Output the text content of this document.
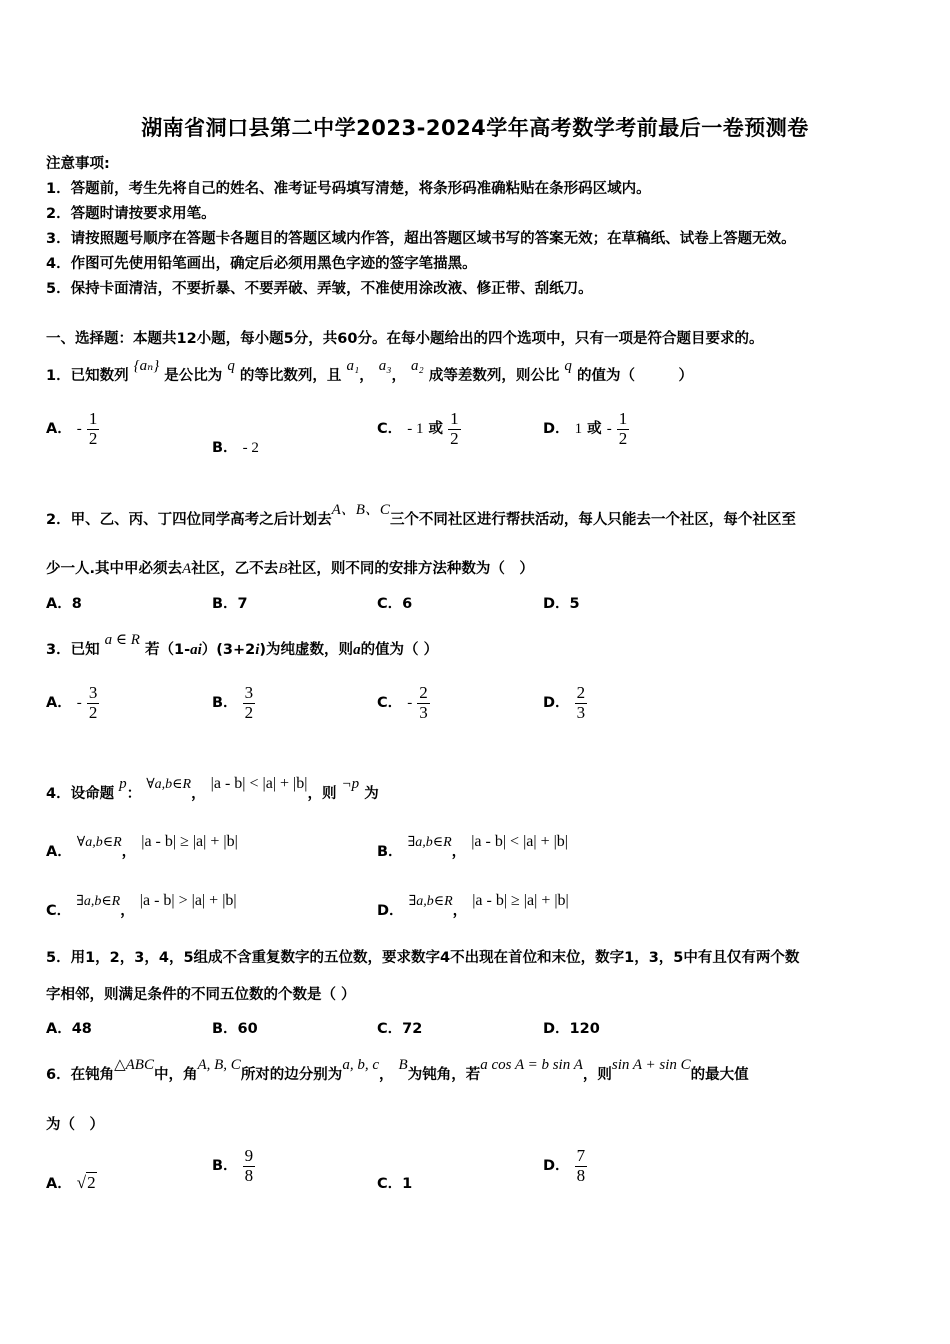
湖南省洞口县第二中学2023-2024学年高考数学考前最后一卷预测卷
注意事项:
1．答题前，考生先将自己的姓名、准考证号码填写清楚，将条形码准确粘贴在条形码区域内。
2．答题时请按要求用笔。
3．请按照题号顺序在答题卡各题目的答题区域内作答，超出答题区域书写的答案无效；在草稿纸、试卷上答题无效。
4．作图可先使用铅笔画出，确定后必须用黑色字迹的签字笔描黑。
5．保持卡面清洁，不要折暴、不要弄破、弄皱，不准使用涂改液、修正带、刮纸刀。
一、选择题：本题共12小题，每小题5分，共60分。在每小题给出的四个选项中，只有一项是符合题目要求的。
1．已知数列 {aₙ} 是公比为 q 的等比数列，且 a₁， a₃， a₂ 成等差数列，则公比 q 的值为（　　　）
A． - $\frac{1}{2}$	B． - 2
C． - 1 或 $\frac{1}{2}$	D． 1 或 - $\frac{1}{2}$
2．甲、乙、丙、丁四位同学高考之后计划去A、B、C三个不同社区进行帮扶活动，每人只能去一个社区，每个社区至
少一人.其中甲必须去A社区，乙不去B社区，则不同的安排方法种数为（　）
A．8	B．7	C．6	D．5
3．已知 a ∈ R 若（1-ai）(3+2i)为纯虚数，则a的值为（ ）
A． - $\frac{3}{2}$	B． $\frac{3}{2}$	C． - $\frac{2}{3}$	D． $\frac{2}{3}$
4．设命题 p： ∀a,b∈R， |a - b| < |a| + |b|，则 ¬p 为
A． ∀a,b∈R， |a - b| ≥ |a| + |b|
B． ∃a,b∈R， |a - b| < |a| + |b|
C． ∃a,b∈R， |a - b| > |a| + |b|
D． ∃a,b∈R， |a - b| ≥ |a| + |b|
5．用1，2，3，4，5组成不含重复数字的五位数，要求数字4不出现在首位和末位，数字1，3，5中有且仅有两个数
字相邻，则满足条件的不同五位数的个数是（ ）
A．48	B．60	C．72	D．120
6．在钝角△ABC中，角A, B, C所对的边分别为a, b, c， B为钝角，若a cos A = b sin A，则sin A + sin C的最大值
为（　）
A． √2
B． $\frac{9}{8}$	C．1
D． $\frac{7}{8}$
